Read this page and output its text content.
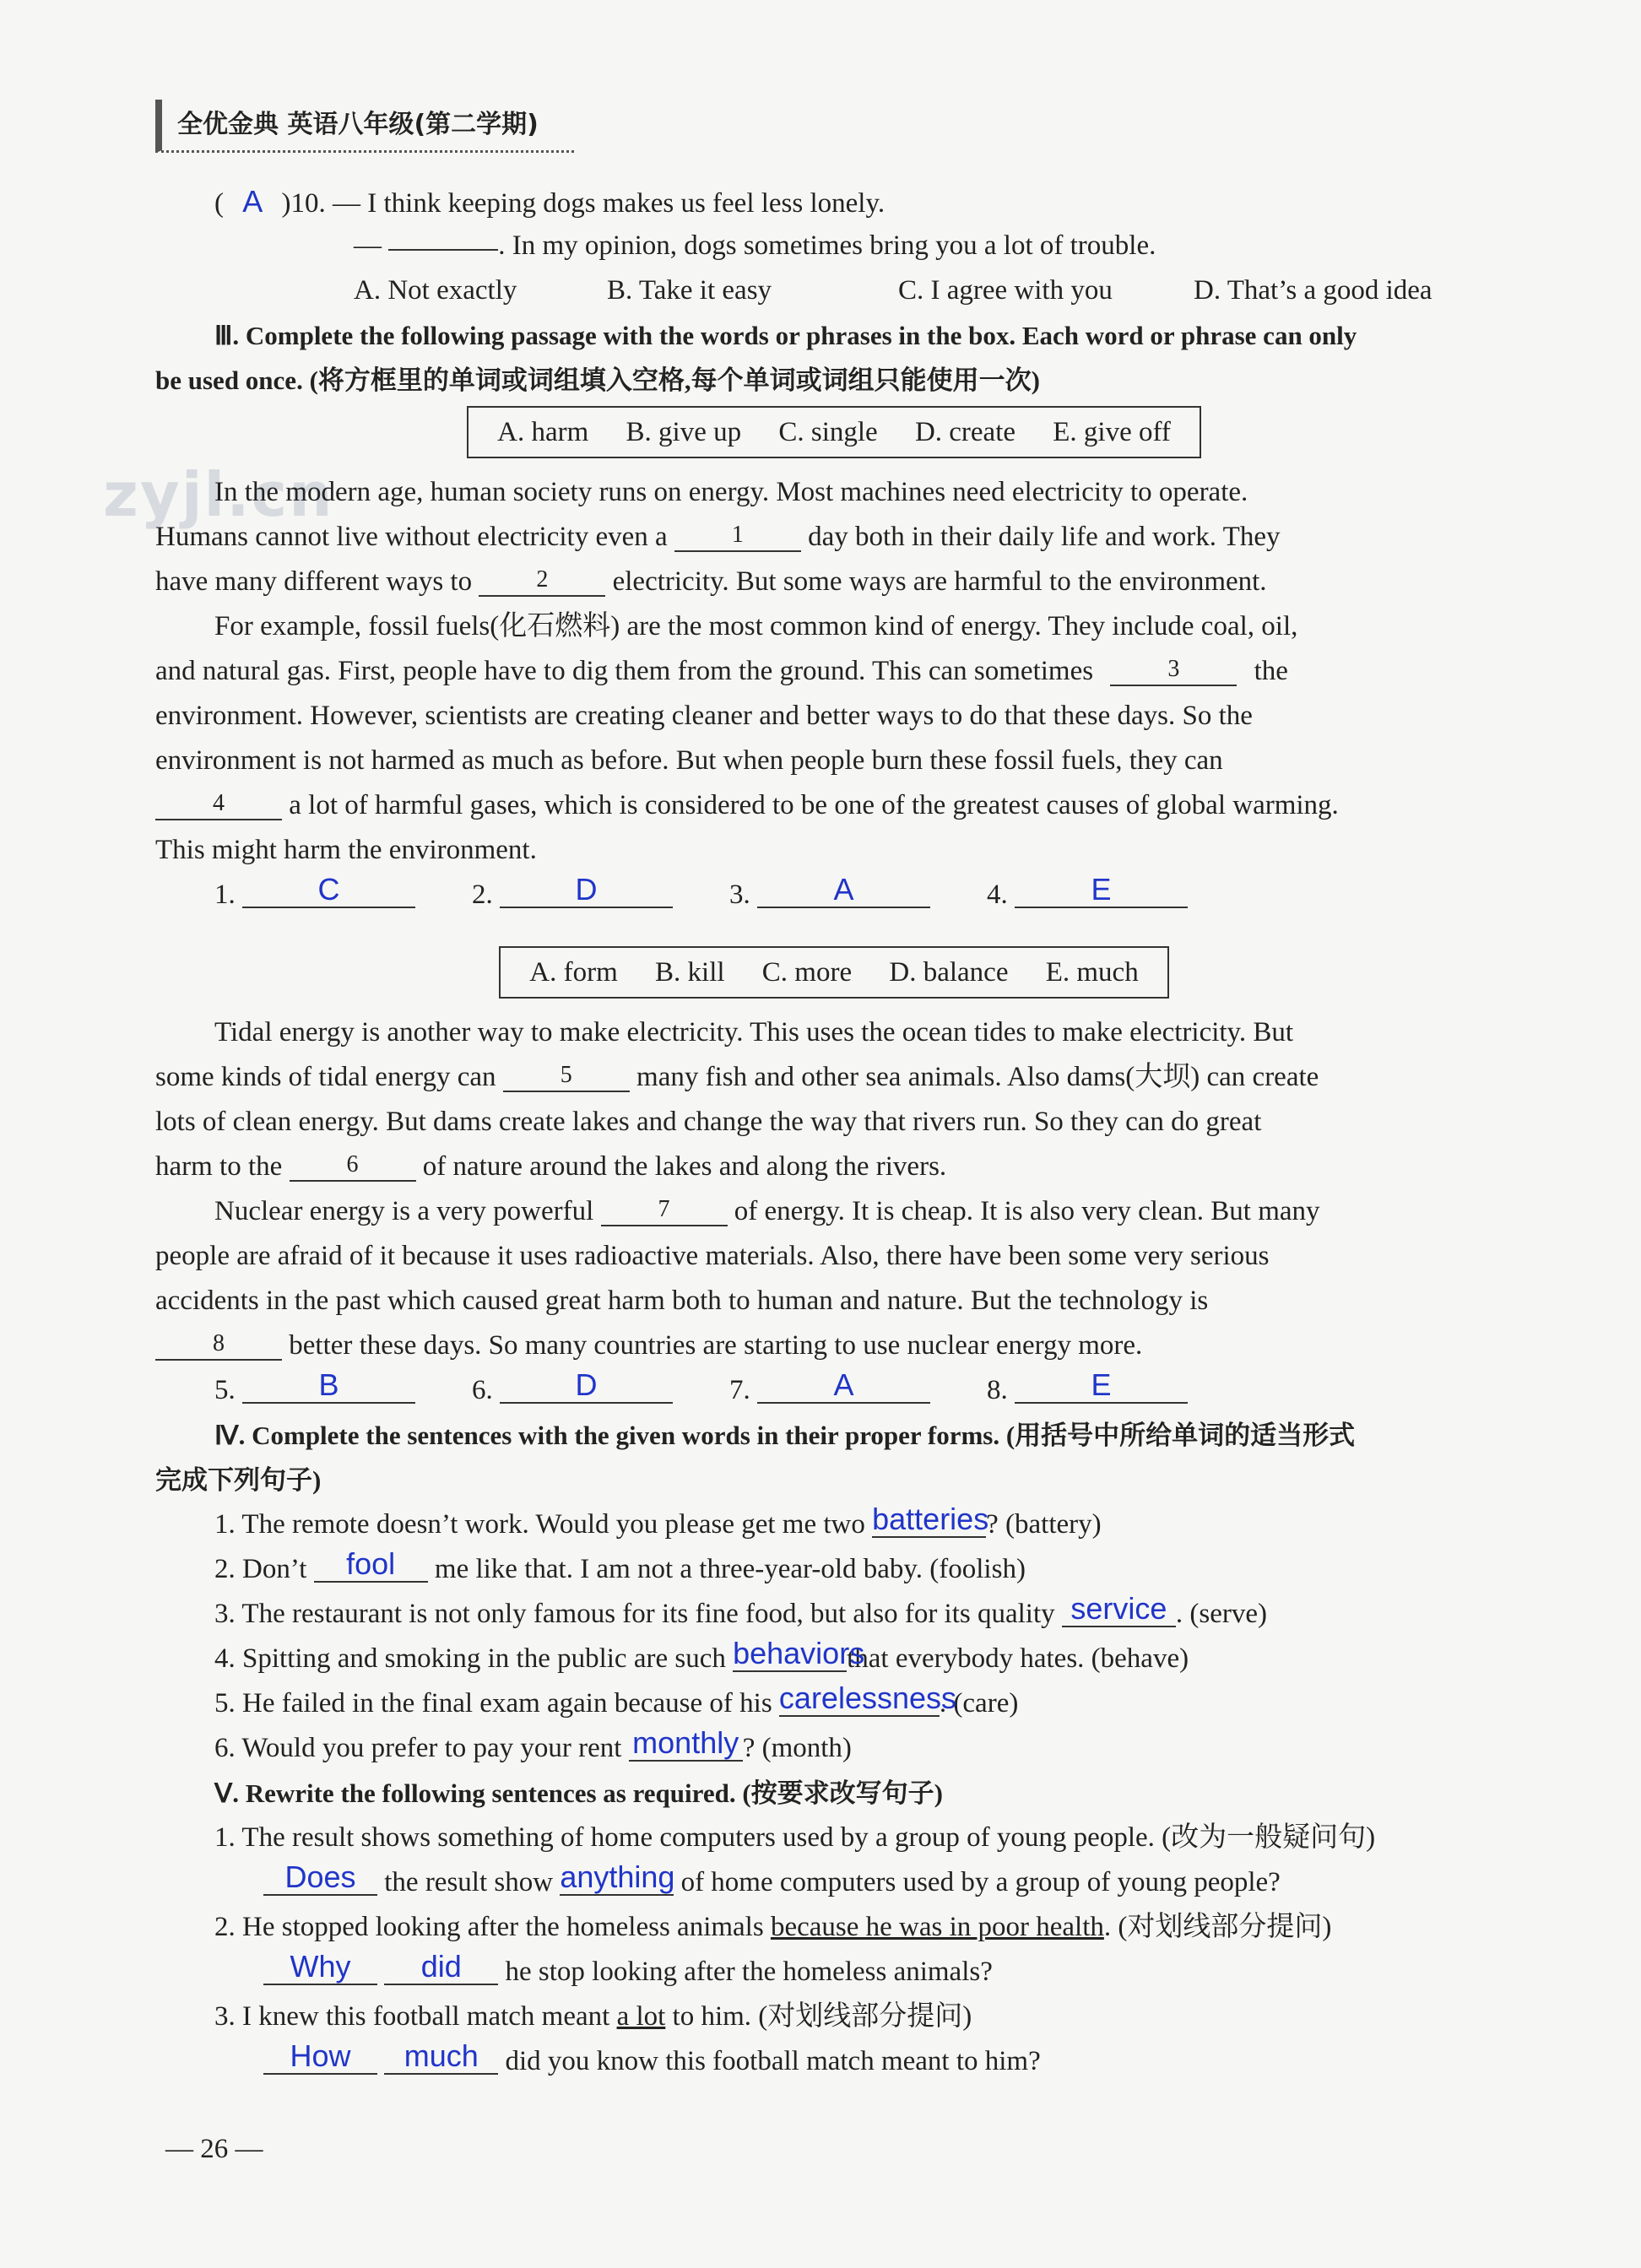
全优金典 英语八年级(第二学期)
zyjl.cn
( A )10. — I think keeping dogs makes us feel less lonely.
—	. In my opinion, dogs sometimes bring you a lot of trouble.
A. Not exactly	B. Take it easy	C. I agree with you	D. That’s a good idea
Ⅲ. Complete the following passage with the words or phrases in the box. Each word or phrase can only
be used once. (将方框里的单词或词组填入空格,每个单词或词组只能使用一次)
A. harm B. give up C. single D. create E. give off
In the modern age, human society runs on energy. Most machines need electricity to operate.
Humans cannot live without electricity even a	1 day both in their daily life and work. They
have many different ways to	2 electricity. But some ways are harmful to the environment.
For example, fossil fuels(化石燃料) are the most common kind of energy. They include coal, oil,
and natural gas. First, people have to dig them from the ground. This can sometimes	3	the
environment. However, scientists are creating cleaner and better ways to do that these days. So the
environment is not harmed as much as before. But when people burn these fossil fuels, they can
4 a lot of harmful gases, which is considered to be one of the greatest causes of global warming.
This might harm the environment.
1.	C	2.	D	3.	A	4.	E
A. form B. kill C. more D. balance E. much
Tidal energy is another way to make electricity. This uses the ocean tides to make electricity. But
some kinds of tidal energy can	5 many fish and other sea animals. Also dams(大坝) can create
lots of clean energy. But dams create lakes and change the way that rivers run. So they can do great
harm to the	6 of nature around the lakes and along the rivers.
Nuclear energy is a very powerful	7 of energy. It is cheap. It is also very clean. But many
people are afraid of it because it uses radioactive materials. Also, there have been some very serious
accidents in the past which caused great harm both to human and nature. But the technology is
8 better these days. So many countries are starting to use nuclear energy more.
5.	B	6.	D	7.	A	8.	E
Ⅳ. Complete the sentences with the given words in their proper forms. (用括号中所给单词的适当形式
完成下列句子)
1. The remote doesn’t work. Would you please get me two batteries? (battery)
2. Don’t fool me like that. I am not a three-year-old baby. (foolish)
3. The restaurant is not only famous for its fine food, but also for its quality service . (serve)
4. Spitting and smoking in the public are such behaviorsthat everybody hates. (behave)
5. He failed in the final exam again because of his carelessness. (care)
6. Would you prefer to pay your rent monthly ? (month)
Ⅴ. Rewrite the following sentences as required. (按要求改写句子)
1. The result shows something of home computers used by a group of young people. (改为一般疑问句)
Does the result show anything of home computers used by a group of young people?
2. He stopped looking after the homeless animals because he was in poor health. (对划线部分提问)
Why did he stop looking after the homeless animals?
3. I knew this football match meant a lot to him. (对划线部分提问)
How much did you know this football match meant to him?
— 26 —
